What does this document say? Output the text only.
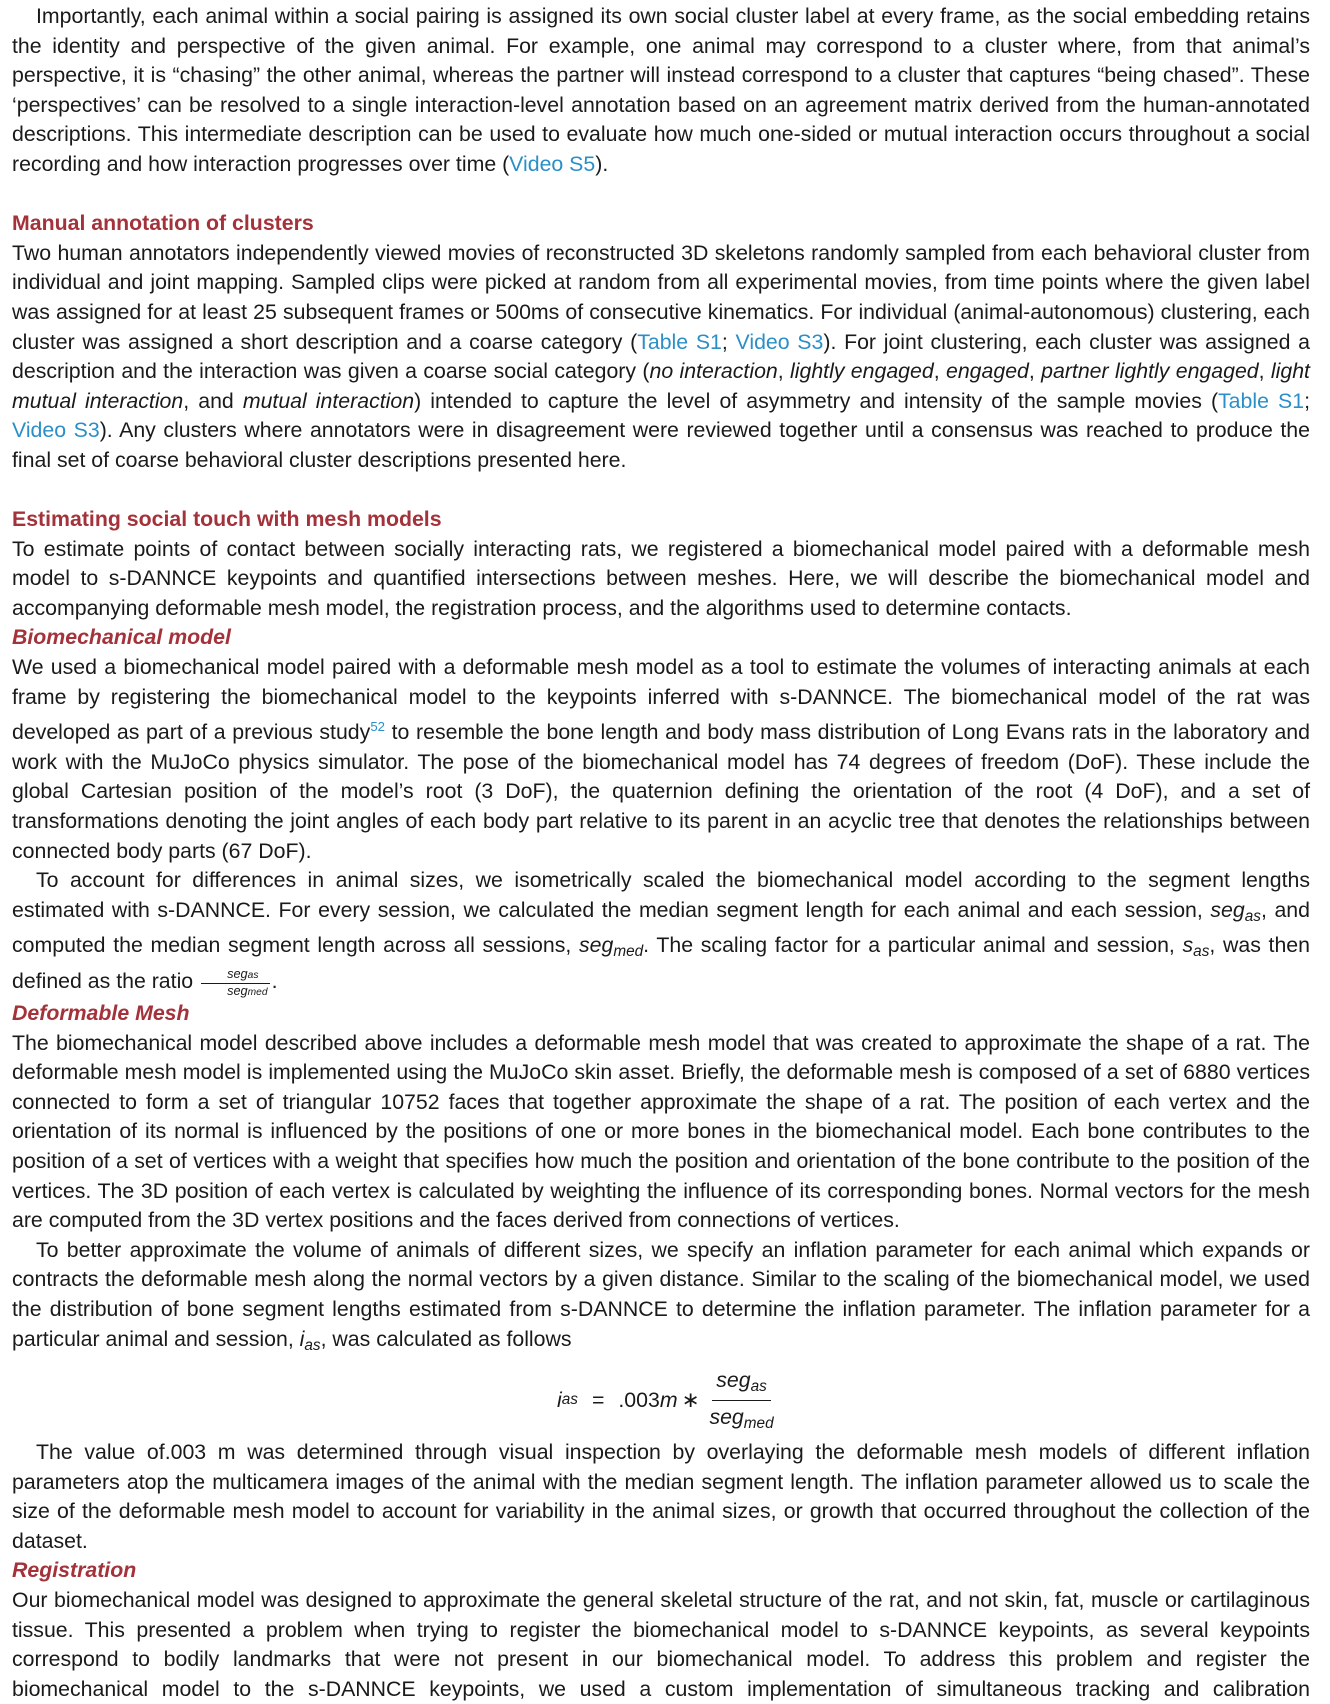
Importantly, each animal within a social pairing is assigned its own social cluster label at every frame, as the social embedding retains the identity and perspective of the given animal. For example, one animal may correspond to a cluster where, from that animal’s perspective, it is “chasing” the other animal, whereas the partner will instead correspond to a cluster that captures “being chased”. These ‘perspectives’ can be resolved to a single interaction-level annotation based on an agreement matrix derived from the human-annotated descriptions. This intermediate description can be used to evaluate how much one-sided or mutual interaction occurs throughout a social recording and how interaction progresses over time (Video S5).

Manual annotation of clusters

Two human annotators independently viewed movies of reconstructed 3D skeletons randomly sampled from each behavioral cluster from individual and joint mapping. Sampled clips were picked at random from all experimental movies, from time points where the given label was assigned for at least 25 subsequent frames or 500ms of consecutive kinematics. For individual (animal-autonomous) clustering, each cluster was assigned a short description and a coarse category (Table S1; Video S3). For joint clustering, each cluster was assigned a description and the interaction was given a coarse social category (no interaction, lightly engaged, engaged, partner lightly engaged, light mutual interaction, and mutual interaction) intended to capture the level of asymmetry and intensity of the sample movies (Table S1; Video S3). Any clusters where annotators were in disagreement were reviewed together until a consensus was reached to produce the final set of coarse behavioral cluster descriptions presented here.

Estimating social touch with mesh models

To estimate points of contact between socially interacting rats, we registered a biomechanical model paired with a deformable mesh model to s-DANNCE keypoints and quantified intersections between meshes. Here, we will describe the biomechanical model and accompanying deformable mesh model, the registration process, and the algorithms used to determine contacts.

Biomechanical model

We used a biomechanical model paired with a deformable mesh model as a tool to estimate the volumes of interacting animals at each frame by registering the biomechanical model to the keypoints inferred with s-DANNCE. The biomechanical model of the rat was developed as part of a previous study$^{52}$ to resemble the bone length and body mass distribution of Long Evans rats in the laboratory and work with the MuJoCo physics simulator. The pose of the biomechanical model has 74 degrees of freedom (DoF). These include the global Cartesian position of the model’s root (3 DoF), the quaternion defining the orientation of the root (4 DoF), and a set of transformations denoting the joint angles of each body part relative to its parent in an acyclic tree that denotes the relationships between connected body parts (67 DoF).

To account for differences in animal sizes, we isometrically scaled the biomechanical model according to the segment lengths estimated with s-DANNCE. For every session, we calculated the median segment length for each animal and each session, seg$_{as}$, and computed the median segment length across all sessions, seg$_{med}$. The scaling factor for a particular animal and session, $s_{as}$, was then defined as the ratio $\frac{\text{segas}}{\text{segmed}}$ .

Deformable Mesh

The biomechanical model described above includes a deformable mesh model that was created to approximate the shape of a rat. The deformable mesh model is implemented using the MuJoCo skin asset. Briefly, the deformable mesh is composed of a set of 6880 vertices connected to form a set of triangular 10752 faces that together approximate the shape of a rat. The position of each vertex and the orientation of its normal is influenced by the positions of one or more bones in the biomechanical model. Each bone contributes to the position of a set of vertices with a weight that specifies how much the position and orientation of the bone contribute to the position of the vertices. The 3D position of each vertex is calculated by weighting the influence of its corresponding bones. Normal vectors for the mesh are computed from the 3D vertex positions and the faces derived from connections of vertices.

To better approximate the volume of animals of different sizes, we specify an inflation parameter for each animal which expands or contracts the deformable mesh along the normal vectors by a given distance. Similar to the scaling of the biomechanical model, we used the distribution of bone segment lengths estimated from s-DANNCE to determine the inflation parameter. The inflation parameter for a particular animal and session, $i_{as}$, was calculated as follows

i as = .003 m ∗ $\frac{seg_{as}}{seg_{med}}$

The value of.003 m was determined through visual inspection by overlaying the deformable mesh models of different inflation parameters atop the multicamera images of the animal with the median segment length. The inflation parameter allowed us to scale the size of the deformable mesh model to account for variability in the animal sizes, or growth that occurred throughout the collection of the dataset.

Registration

Our biomechanical model was designed to approximate the general skeletal structure of the rat, and not skin, fat, muscle or cartilaginous tissue. This presented a problem when trying to register the biomechanical model to s-DANNCE keypoints, as several keypoints correspond to bodily landmarks that were not present in our biomechanical model. To address this problem and register the biomechanical model to the s-DANNCE keypoints, we used a custom implementation of simultaneous tracking and calibration
